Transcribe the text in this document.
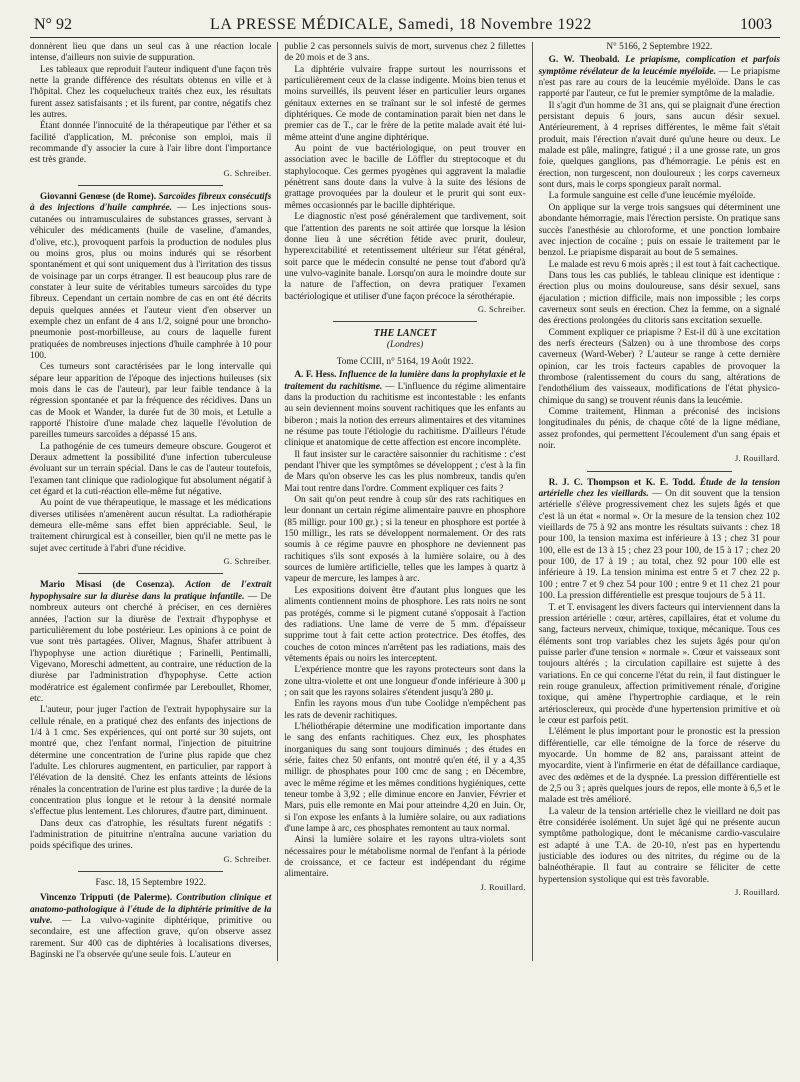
N° 92	LA PRESSE MÉDICALE, Samedi, 18 Novembre 1922	1003

donnèrent lieu que dans un seul cas à une réaction locale intense, d'ailleurs non suivie de suppuration.

Les tableaux que reproduit l'auteur indiquent d'une façon très nette la grande différence des résultats obtenus en ville et à l'hôpital. Chez les coqueluchеux traités chez eux, les résultats furent assez satisfaisants ; et ils furent, par contre, négatifs chez les autres.

Étant donnée l'innocuité de la thérapeutique par l'éther et sa facilité d'application, M. préconise son emploi, mais il recommande d'y associer la cure à l'air libre dont l'importance est très grande.

G. Schreiber.

Giovanni Genœse (de Rome). Sarcoïdes fibreux consécutifs à des injections d'huile camphrée. — Les injections sous-cutanées ou intramusculaires de substances grasses, servant à véhiculer des médicaments (huile de vaseline, d'amandes, d'olive, etc.), provoquent parfois la production de nodules plus ou moins gros, plus ou moins indurés qui se résorbent spontanément et qui sont uniquement dus à l'irritation des tissus de voisinage par un corps étranger. Il est beaucoup plus rare de constater à leur suite de véritables tumeurs sarcoïdes du type fibreux. Cependant un certain nombre de cas en ont été décrits depuis quelques années et l'auteur vient d'en observer un exemple chez un enfant de 4 ans 1/2, soigné pour une broncho-pneumonie post-morbilleuse, au cours de laquelle furent pratiquées de nombreuses injections d'huile camphrée à 10 pour 100.

Ces tumeurs sont caractérisées par le long intervalle qui sépare leur apparition de l'époque des injections huileuses (six mois dans le cas de l'auteur), par leur faible tendance à la régression spontanée et par la fréquence des récidives. Dans un cas de Mook et Wander, la durée fut de 30 mois, et Letulle a rapporté l'histoire d'une malade chez laquelle l'évolution de pareilles tumeurs sarcoïdes a dépassé 15 ans.

La pathogénie de ces tumeurs demeure obscure. Gougerot et Deraux admettent la possibilité d'une infection tuberculeuse évoluant sur un terrain spécial. Dans le cas de l'auteur toutefois, l'examen tant clinique que radiologique fut absolument négatif à cet égard et la cuti-réaction elle-même fut négative.

Au point de vue thérapeutique, le massage et les médications diverses utilisées n'amenèrent aucun résultat. La radiothérapie demeura elle-même sans effet bien appréciable. Seul, le traitement chirurgical est à conseiller, bien qu'il ne mette pas le sujet avec certitude à l'abri d'une récidive.

G. Schreiber.

Mario Misasi (de Cosenza). Action de l'extrait hypophysaire sur la diurèse dans la pratique infantile. — De nombreux auteurs ont cherché à préciser, en ces dernières années, l'action sur la diurèse de l'extrait d'hypophyse et particulièrement du lobe postérieur. Les opinions à ce point de vue sont très partagées. Oliver, Magnus, Shafer attribuent à l'hypophyse une action diurétique ; Farinelli, Pentimalli, Vigevano, Moreschi admettent, au contraire, une réduction de la diurèse par l'administration d'hypophyse. Cette action modératrice est également confirmée par Lereboullet, Rhomer, etc.

L'auteur, pour juger l'action de l'extrait hypophysaire sur la cellule rénale, en a pratiqué chez des enfants des injections de 1/4 à 1 cmc. Ses expériences, qui ont porté sur 30 sujets, ont montré que, chez l'enfant normal, l'injection de pituitrine détermine une concentration de l'urine plus rapide que chez l'adulte. Les chlorures augmentent, en particulier, par rapport à l'élévation de la densité. Chez les enfants atteints de lésions rénales la concentration de l'urine est plus tardive ; la durée de la concentration plus longue et le retour à la densité normale s'effectue plus lentement. Les chlorures, d'autre part, diminuent.

Dans deux cas d'atrophie, les résultats furent négatifs : l'administration de pituitrine n'entraîna aucune variation du poids spécifique des urines.

G. Schreiber.
Fasc. 18, 15 Septembre 1922.

Vincenzo Tripputi (de Palerme). Contribution clinique et anatomo-pathologique à l'étude de la diphtérie primitive de la vulve. — La vulvo-vaginite diphtérique, primitive ou secondaire, est une affection grave, qu'on observe assez rarement. Sur 400 cas de diphtéries à localisations diverses, Baginski ne l'a observée qu'une seule fois. L'auteur en

publie 2 cas personnels suivis de mort, survenus chez 2 fillettes de 20 mois et de 3 ans.

La diphtérie vulvaire frappe surtout les nourrissons et particulièrement ceux de la classe indigente. Moins bien tenus et moins surveillés, ils peuvent léser en particulier leurs organes génitaux externes en se traînant sur le sol infesté de germes diphtériques. Ce mode de contamination parait bien net dans le premier cas de T., car le frère de la petite malade avait été lui-même atteint d'une angine diphtérique.

Au point de vue bactériologique, on peut trouver en association avec le bacille de Löffler du streptocoque et du staphylocoque. Ces germes pyogènes qui aggravent la maladie pénètrent sans doute dans la vulve à la suite des lésions de grattage provoquées par la douleur et le prurit qui sont eux-mêmes occasionnés par le bacille diphtérique.

Le diagnostic n'est posé généralement que tardivement, soit que l'attention des parents ne soit attirée que lorsque la lésion donne lieu à une sécrétion fétide avec prurit, douleur, hyperexcitabilité et retentissement ultérieur sur l'état général, soit parce que le médecin consulté ne pense tout d'abord qu'à une vulvo-vaginite banale. Lorsqu'on aura le moindre doute sur la nature de l'affection, on devra pratiquer l'examen bactériologique et utiliser d'une façon précoce la sérothérapie.

G. Schreiber.
THE LANCET
(Londres)
Tome CCIII, n° 5164, 19 Août 1922.

A. F. Hess. Influence de la lumière dans la prophylaxie et le traitement du rachitisme. — L'influence du régime alimentaire dans la production du rachitisme est incontestable : les enfants au sein deviennent moins souvent rachitiques que les enfants au biberon ; mais la notion des erreurs alimentaires et des vitamines ne résume pas toute l'étiologie du rachitisme. D'ailleurs l'étude clinique et anatomique de cette affection est encore incomplète.

Il faut insister sur le caractère saisonnier du rachitisme : c'est pendant l'hiver que les symptômes se développent ; c'est à la fin de Mars qu'on observe les cas les plus nombreux, tandis qu'en Mai tout rentre dans l'ordre. Comment expliquer ces faits ?

On sait qu'on peut rendre à coup sûr des rats rachitiques en leur donnant un certain régime alimentaire pauvre en phosphore (85 milligr. pour 100 gr.) ; si la teneur en phosphore est portée à 150 milligr., les rats se développent normalement. Or des rats soumis à ce régime pauvre en phosphore ne deviennent pas rachitiques s'ils sont exposés à la lumière solaire, ou à des sources de lumière artificielle, telles que les lampes à quartz à vapeur de mercure, les lampes à arc.

Les expositions doivent être d'autant plus longues que les aliments contiennent moins de phosphore. Les rats noirs ne sont pas protégés, comme si le pigment cutané s'opposait à l'action des radiations. Une lame de verre de 5 mm. d'épaisseur supprime tout à fait cette action protectrice. Des étoffes, des couches de coton minces n'arrêtent pas les radiations, mais des vêtements épais ou noirs les interceptent.

L'expérience montre que les rayons protecteurs sont dans la zone ultra-violette et ont une longueur d'onde inférieure à 300 μ ; on sait que les rayons solaires s'étendent jusqu'à 280 μ.

Enfin les rayons mous d'un tube Coolidge n'empêchent pas les rats de devenir rachitiques.

L'héliothérapie détermine une modification importante dans le sang des enfants rachitiques. Chez eux, les phosphates inorganiques du sang sont toujours diminués ; des études en série, faites chez 50 enfants, ont montré qu'en été, il y a 4,35 milligr. de phosphates pour 100 cmc de sang ; en Décembre, avec le même régime et les mêmes conditions hygiéniques, cette teneur tombe à 3,92 ; elle diminue encore en Janvier, Février et Mars, puis elle remonte en Mai pour atteindre 4,20 en Juin. Or, si l'on expose les enfants à la lumière solaire, ou aux radiations d'une lampe à arc, ces phosphates remontent au taux normal.

Ainsi la lumière solaire et les rayons ultra-violets sont nécessaires pour le métabolisme normal de l'enfant à la période de croissance, et ce facteur est indépendant du régime alimentaire.

J. Rouillard.
N° 5166, 2 Septembre 1922.

G. W. Theobald. Le priapisme, complication et parfois symptôme révélateur de la leucémie myéloïde. — Le priapisme n'est pas rare au cours de la leucémie myéloïde. Dans le cas rapporté par l'auteur, ce fut le premier symptôme de la maladie.

Il s'agit d'un homme de 31 ans, qui se plaignait d'une érection persistant depuis 6 jours, sans aucun désir sexuel. Antérieurement, à 4 reprises différentes, le même fait s'était produit, mais l'érection n'avait duré qu'une heure ou deux. Le malade est pâle, malingre, fatigué ; il a une grosse rate, un gros foie, quelques ganglions, pas d'hémorragie. Le pénis est en érection, non turgescent, non douloureux ; les corps caverneux sont durs, mais le corps spongieux paraît normal.

La formule sanguine est celle d'une leucémie myéloïde.

On applique sur la verge trois sangsues qui déterminent une abondante hémorragie, mais l'érection persiste. On pratique sans succès l'anesthésie au chloroforme, et une ponction lombaire avec injection de cocaïne ; puis on essaie le traitement par le benzol. Le priapisme disparait au bout de 5 semaines.

Le malade est revu 6 mois après ; il est tout à fait cachectique.

Dans tous les cas publiés, le tableau clinique est identique : érection plus ou moins douloureuse, sans désir sexuel, sans éjaculation ; miction difficile, mais non impossible ; les corps caverneux sont seuls en érection. Chez la femme, on a signalé des érections prolongées du clitoris sans excitation sexuelle.

Comment expliquer ce priapisme ? Est-il dû à une excitation des nerfs érecteurs (Salzen) ou à une thrombose des corps caverneux (Ward-Weber) ? L'auteur se range à cette dernière opinion, car les trois facteurs capables de provoquer la thrombose (ralentissement du cours du sang, altérations de l'endothélium des vaisseaux, modifications de l'état physico-chimique du sang) se trouvent réunis dans la leucémie.

Comme traitement, Hinman a préconisé des incisions longitudinales du pénis, de chaque côté de la ligne médiane, assez profondes, qui permettent l'écoulement d'un sang épais et noir.

J. Rouillard.

R. J. C. Thompson et K. E. Todd. Étude de la tension artérielle chez les vieillards. — On dit souvent que la tension artérielle s'élève progressivement chez les sujets âgés et que c'est là un état « normal ». Or la mesure de la tension chez 102 vieillards de 75 à 92 ans montre les résultats suivants : chez 18 pour 100, la tension maxima est inférieure à 13 ; chez 31 pour 100, elle est de 13 à 15 ; chez 23 pour 100, de 15 à 17 ; chez 20 pour 100, de 17 à 19 ; au total, chez 92 pour 100 elle est inférieure à 19. La tension minima est entre 5 et 7 chez 22 p. 100 ; entre 7 et 9 chez 54 pour 100 ; entre 9 et 11 chez 21 pour 100. La pression différentielle est presque toujours de 5 à 11.

T. et T. envisagent les divers facteurs qui interviennent dans la pression artérielle : cœur, artères, capillaires, état et volume du sang, facteurs nerveux, chimique, toxique, mécanique. Tous ces éléments sont trop variables chez les sujets âgés pour qu'on puisse parler d'une tension « normale ». Cœur et vaisseaux sont toujours altérés ; la circulation capillaire est sujette à des variations. En ce qui concerne l'état du rein, il faut distinguer le rein rouge granuleux, affection primitivement rénale, d'origine toxique, qui amène l'hypertrophie cardiaque, et le rein artériosclereux, qui procède d'une hypertension primitive et où le cœur est parfois petit.

L'élément le plus important pour le pronostic est la pression différentielle, car elle témoigne de la force de réserve du myocarde. Un homme de 82 ans, paraissant atteint de myocardite, vient à l'infirmerie en état de défaillance cardiaque, avec des œdèmes et de la dyspnée. La pression différentielle est de 2,5 ou 3 ; après quelques jours de repos, elle monte à 6,5 et le malade est très amélioré.

La valeur de la tension artérielle chez le vieillard ne doit pas être considérée isolément. Un sujet âgé qui ne présente aucun symptôme pathologique, dont le mécanisme cardio-vasculaire est adapté à une T.A. de 20-10, n'est pas en hypertendu justiciable des iodures ou des nitrites, du régime ou de la balnéothérapie. Il faut au contraire se féliciter de cette hypertension systolique qui est très favorable.

J. Rouillard.
